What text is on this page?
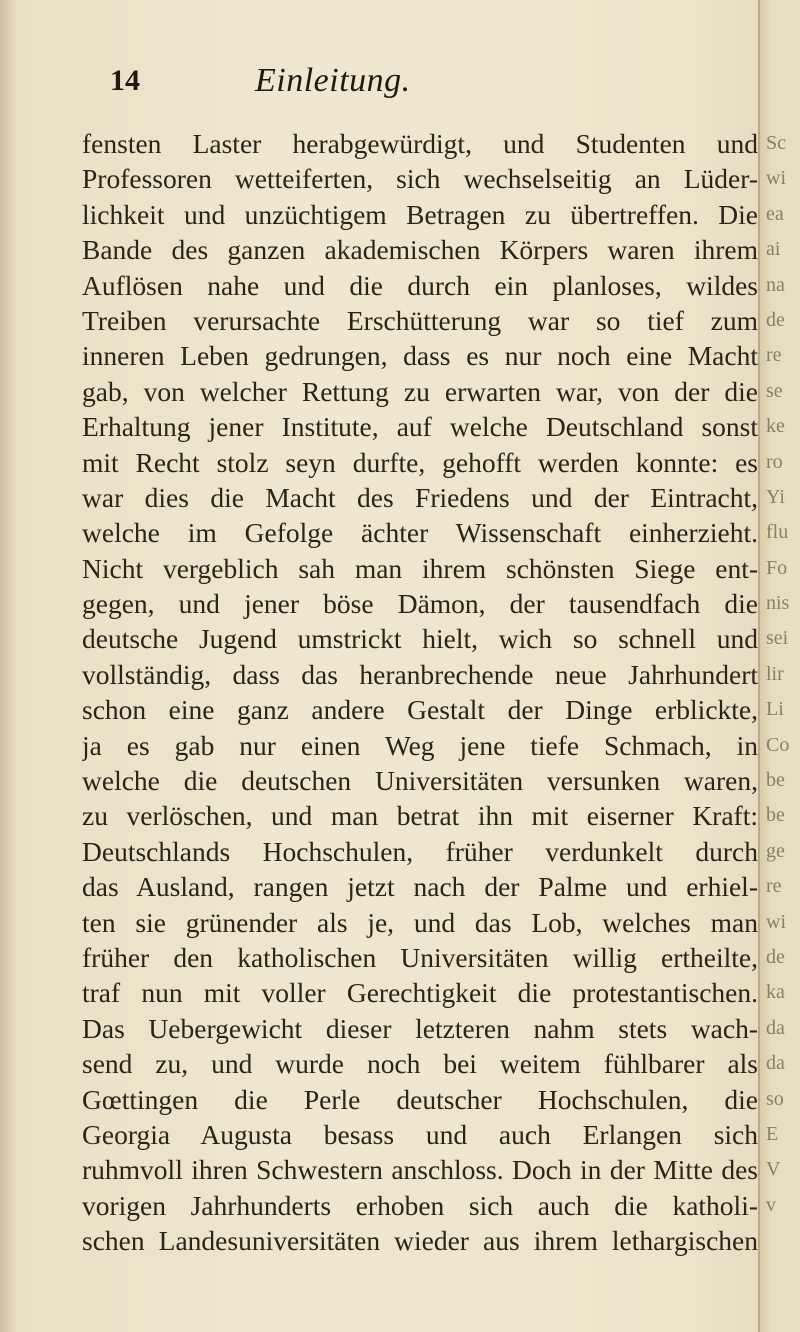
14	Einleitung.
fensten Laster herabgewürdigt, und Studenten und
Professoren wetteiferten, sich wechselseitig an Lüder-
lichkeit und unzüchtigem Betragen zu übertreffen. Die
Bande des ganzen akademischen Körpers waren ihrem
Auflösen nahe und die durch ein planloses, wildes
Treiben verursachte Erschütterung war so tief zum
inneren Leben gedrungen, dass es nur noch eine Macht
gab, von welcher Rettung zu erwarten war, von der die
Erhaltung jener Institute, auf welche Deutschland sonst
mit Recht stolz seyn durfte, gehofft werden konnte: es
war dies die Macht des Friedens und der Eintracht,
welche im Gefolge ächter Wissenschaft einherzieht.
Nicht vergeblich sah man ihrem schönsten Siege ent-
gegen, und jener böse Dämon, der tausendfach die
deutsche Jugend umstrickt hielt, wich so schnell und
vollständig, dass das heranbrechende neue Jahrhundert
schon eine ganz andere Gestalt der Dinge erblickte,
ja es gab nur einen Weg jene tiefe Schmach, in
welche die deutschen Universitäten versunken waren,
zu verlöschen, und man betrat ihn mit eiserner Kraft:
Deutschlands Hochschulen, früher verdunkelt durch
das Ausland, rangen jetzt nach der Palme und erhiel-
ten sie grünender als je, und das Lob, welches man
früher den katholischen Universitäten willig ertheilte,
traf nun mit voller Gerechtigkeit die protestantischen.
Das Uebergewicht dieser letzteren nahm stets wach-
send zu, und wurde noch bei weitem fühlbarer als
Gœttingen die Perle deutscher Hochschulen, die
Georgia Augusta besass und auch Erlangen sich
ruhmvoll ihren Schwestern anschloss. Doch in der Mitte des
vorigen Jahrhunderts erhoben sich auch die katholi-
schen Landesuniversitäten wieder aus ihrem lethargischen
Sc
wi
ea
ai
na
de
re
se
ke
ro
Yi
flu
Fo
nis
sei
lir
Li
Co
be
be
ge
re
wi
de
ka
da
da
so
E
V
v
